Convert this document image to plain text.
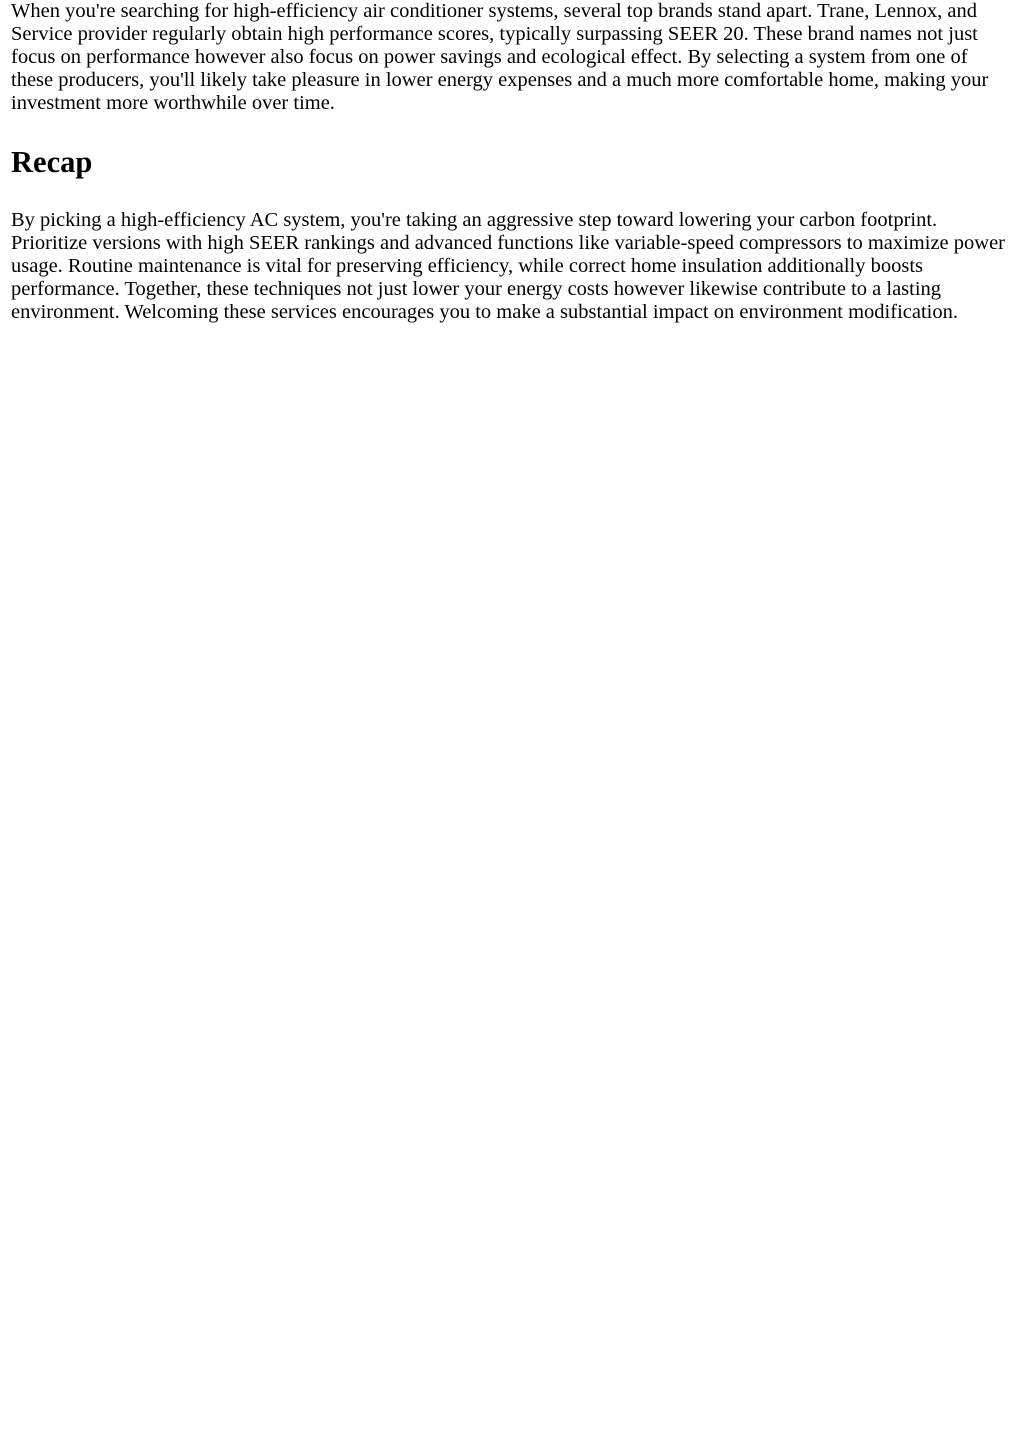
When you're searching for high-efficiency air conditioner systems, several top brands stand apart. Trane, Lennox, and Service provider regularly obtain high performance scores, typically surpassing SEER 20. These brand names not just focus on performance however also focus on power savings and ecological effect. By selecting a system from one of these producers, you'll likely take pleasure in lower energy expenses and a much more comfortable home, making your investment more worthwhile over time.

Recap

By picking a high-efficiency AC system, you're taking an aggressive step toward lowering your carbon footprint. Prioritize versions with high SEER rankings and advanced functions like variable-speed compressors to maximize power usage. Routine maintenance is vital for preserving efficiency, while correct home insulation additionally boosts performance. Together, these techniques not just lower your energy costs however likewise contribute to a lasting environment. Welcoming these services encourages you to make a substantial impact on environment modification.
